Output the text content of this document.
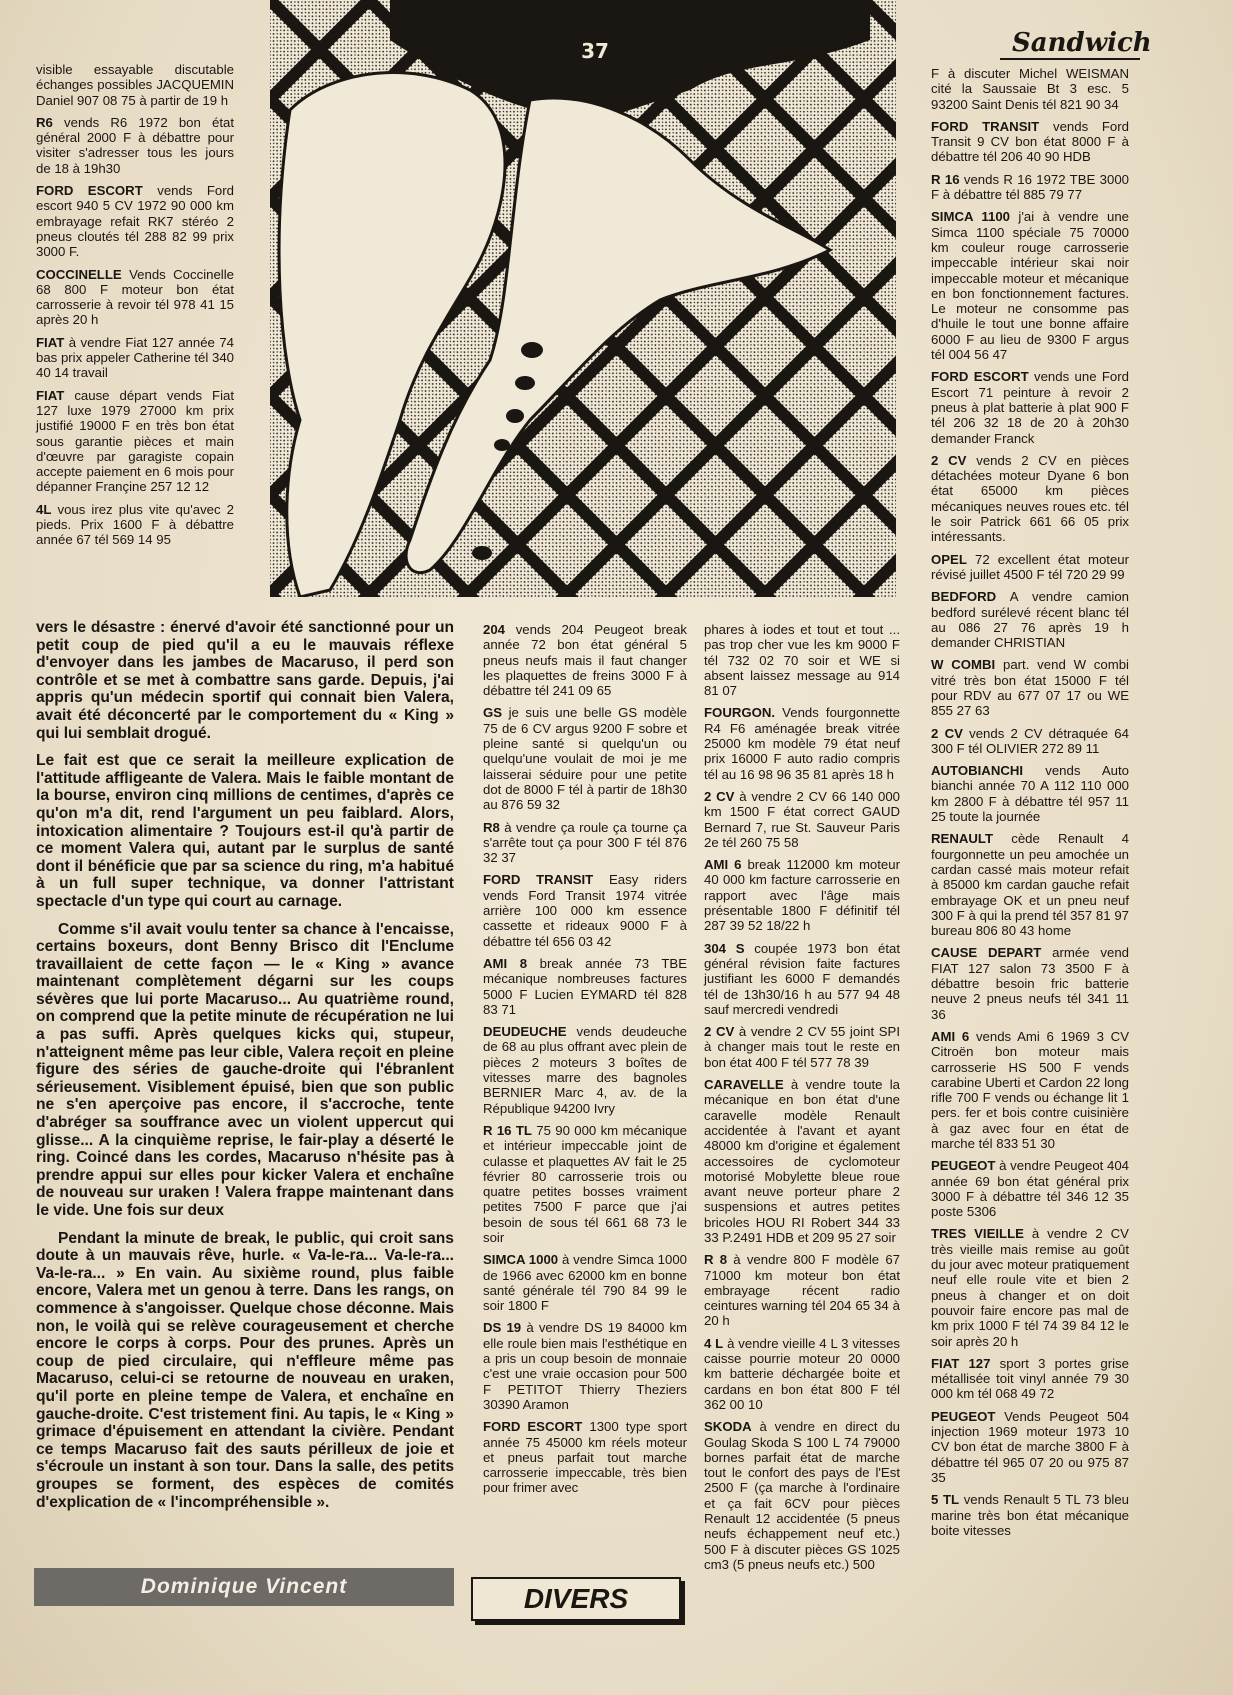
Sandwich

visible essayable discutable échanges possibles JACQUEMIN Daniel 907 08 75 à partir de 19 h

R6 vends R6 1972 bon état général 2000 F à débattre pour visiter s'adresser tous les jours de 18 à 19h30

FORD ESCORT vends Ford escort 940 5 CV 1972 90 000 km embrayage refait RK7 stéréo 2 pneus cloutés tél 288 82 99 prix 3000 F.

COCCINELLE Vends Coccinelle 68 800 F moteur bon état carrosserie à revoir tél 978 41 15 après 20 h

FIAT à vendre Fiat 127 année 74 bas prix appeler Catherine tél 340 40 14 travail

FIAT cause départ vends Fiat 127 luxe 1979 27000 km prix justifié 19000 F en très bon état sous garantie pièces et main d'œuvre par garagiste copain accepte paiement en 6 mois pour dépanner Françine 257 12 12

4L vous irez plus vite qu'avec 2 pieds. Prix 1600 F à débattre année 67 tél 569 14 95

37

vers le désastre : énervé d'avoir été sanctionné pour un petit coup de pied qu'il a eu le mauvais réflexe d'envoyer dans les jambes de Macaruso, il perd son contrôle et se met à combattre sans garde. Depuis, j'ai appris qu'un médecin sportif qui connait bien Valera, avait été déconcerté par le comportement du « King » qui lui semblait drogué.

Le fait est que ce serait la meilleure explication de l'attitude affligeante de Valera. Mais le faible montant de la bourse, environ cinq millions de centimes, d'après ce qu'on m'a dit, rend l'argument un peu faiblard. Alors, intoxication alimentaire ? Toujours est-il qu'à partir de ce moment Valera qui, autant par le surplus de santé dont il bénéficie que par sa science du ring, m'a habitué à un full super technique, va donner l'attristant spectacle d'un type qui court au carnage.

Comme s'il avait voulu tenter sa chance à l'encaisse, certains boxeurs, dont Benny Brisco dit l'Enclume travaillaient de cette façon — le « King » avance maintenant complètement dégarni sur les coups sévères que lui porte Macaruso... Au quatrième round, on comprend que la petite minute de récupération ne lui a pas suffi. Après quelques kicks qui, stupeur, n'atteignent même pas leur cible, Valera reçoit en pleine figure des séries de gauche-droite qui l'ébranlent sérieusement. Visiblement épuisé, bien que son public ne s'en aperçoive pas encore, il s'accroche, tente d'abréger sa souffrance avec un violent uppercut qui glisse... A la cinquième reprise, le fair-play a déserté le ring. Coincé dans les cordes, Macaruso n'hésite pas à prendre appui sur elles pour kicker Valera et enchaîne de nouveau sur uraken ! Valera frappe maintenant dans le vide. Une fois sur deux

Pendant la minute de break, le public, qui croit sans doute à un mauvais rêve, hurle. « Va-le-ra... Va-le-ra... Va-le-ra... » En vain. Au sixième round, plus faible encore, Valera met un genou à terre. Dans les rangs, on commence à s'angoisser. Quelque chose déconne. Mais non, le voilà qui se relève courageusement et cherche encore le corps à corps. Pour des prunes. Après un coup de pied circulaire, qui n'effleure même pas Macaruso, celui-ci se retourne de nouveau en uraken, qu'il porte en pleine tempe de Valera, et enchaîne en gauche-droite. C'est tristement fini. Au tapis, le « King » grimace d'épuisement en attendant la civière. Pendant ce temps Macaruso fait des sauts périlleux de joie et s'écroule un instant à son tour. Dans la salle, des petits groupes se forment, des espèces de comités d'explication de « l'incompréhensible ».

Dominique Vincent

204 vends 204 Peugeot break année 72 bon état général 5 pneus neufs mais il faut changer les plaquettes de freins 3000 F à débattre tél 241 09 65

GS je suis une belle GS modèle 75 de 6 CV argus 9200 F sobre et pleine santé si quelqu'un ou quelqu'une voulait de moi je me laisserai séduire pour une petite dot de 8000 F tél à partir de 18h30 au 876 59 32

R8 à vendre ça roule ça tourne ça s'arrête tout ça pour 300 F tél 876 32 37

FORD TRANSIT Easy riders vends Ford Transit 1974 vitrée arrière 100 000 km essence cassette et rideaux 9000 F à débattre tél 656 03 42

AMI 8 break année 73 TBE mécanique nombreuses factures 5000 F Lucien EYMARD tél 828 83 71

DEUDEUCHE vends deudeuche de 68 au plus offrant avec plein de pièces 2 moteurs 3 boîtes de vitesses marre des bagnoles BERNIER Marc 4, av. de la République 94200 Ivry

R 16 TL 75 90 000 km mécanique et intérieur impeccable joint de culasse et plaquettes AV fait le 25 février 80 carrosserie trois ou quatre petites bosses vraiment petites 7500 F parce que j'ai besoin de sous tél 661 68 73 le soir

SIMCA 1000 à vendre Simca 1000 de 1966 avec 62000 km en bonne santé générale tél 790 84 99 le soir 1800 F

DS 19 à vendre DS 19 84000 km elle roule bien mais l'esthétique en a pris un coup besoin de monnaie c'est une vraie occasion pour 500 F PETITOT Thierry Theziers 30390 Aramon

FORD ESCORT 1300 type sport année 75 45000 km réels moteur et pneus parfait tout marche carrosserie impeccable, très bien pour frimer avec

phares à iodes et tout et tout ... pas trop cher vue les km 9000 F tél 732 02 70 soir et WE si absent laissez message au 914 81 07

FOURGON. Vends fourgonnette R4 F6 aménagée break vitrée 25000 km modèle 79 état neuf prix 16000 F auto radio compris tél au 16 98 96 35 81 après 18 h

2 CV à vendre 2 CV 66 140 000 km 1500 F état correct GAUD Bernard 7, rue St. Sauveur Paris 2e tél 260 75 58

AMI 6 break 112000 km moteur 40 000 km facture carrosserie en rapport avec l'âge mais présentable 1800 F définitif tél 287 39 52 18/22 h

304 S coupée 1973 bon état général révision faite factures justifiant les 6000 F demandés tél de 13h30/16 h au 577 94 48 sauf mercredi vendredi

2 CV à vendre 2 CV 55 joint SPI à changer mais tout le reste en bon état 400 F tél 577 78 39

CARAVELLE à vendre toute la mécanique en bon état d'une caravelle modèle Renault accidentée à l'avant et ayant 48000 km d'origine et également accessoires de cyclomoteur motorisé Mobylette bleue roue avant neuve porteur phare 2 suspensions et autres petites bricoles HOU RI Robert 344 33 33 P.2491 HDB et 209 95 27 soir

R 8 à vendre 800 F modèle 67 71000 km moteur bon état embrayage récent radio ceintures warning tél 204 65 34 à 20 h

4 L à vendre vieille 4 L 3 vitesses caisse pourrie moteur 20 0000 km batterie déchargée boite et cardans en bon état 800 F tél 362 00 10

SKODA à vendre en direct du Goulag Skoda S 100 L 74 79000 bornes parfait état de marche tout le confort des pays de l'Est 2500 F (ça marche à l'ordinaire et ça fait 6CV pour pièces Renault 12 accidentée (5 pneus neufs échappement neuf etc.) 500 F à discuter pièces GS 1025 cm3 (5 pneus neufs etc.) 500

F à discuter Michel WEISMAN cité la Saussaie Bt 3 esc. 5 93200 Saint Denis tél 821 90 34

FORD TRANSIT vends Ford Transit 9 CV bon état 8000 F à débattre tél 206 40 90 HDB

R 16 vends R 16 1972 TBE 3000 F à débattre tél 885 79 77

SIMCA 1100 j'ai à vendre une Simca 1100 spéciale 75 70000 km couleur rouge carrosserie impeccable intérieur skai noir impeccable moteur et mécanique en bon fonctionnement factures. Le moteur ne consomme pas d'huile le tout une bonne affaire 6000 F au lieu de 9300 F argus tél 004 56 47

FORD ESCORT vends une Ford Escort 71 peinture à revoir 2 pneus à plat batterie à plat 900 F tél 206 32 18 de 20 à 20h30 demander Franck

2 CV vends 2 CV en pièces détachées moteur Dyane 6 bon état 65000 km pièces mécaniques neuves roues etc. tél le soir Patrick 661 66 05 prix intéressants.

OPEL 72 excellent état moteur révisé juillet 4500 F tél 720 29 99

BEDFORD A vendre camion bedford surélevé récent blanc tél au 086 27 76 après 19 h demander CHRISTIAN

W COMBI part. vend W combi vitré très bon état 15000 F tél pour RDV au 677 07 17 ou WE 855 27 63

2 CV vends 2 CV détraquée 64 300 F tél OLIVIER 272 89 11

AUTOBIANCHI vends Auto bianchi année 70 A 112 110 000 km 2800 F à débattre tél 957 11 25 toute la journée

RENAULT cède Renault 4 fourgonnette un peu amochée un cardan cassé mais moteur refait à 85000 km cardan gauche refait embrayage OK et un pneu neuf 300 F à qui la prend tél 357 81 97 bureau 806 80 43 home

CAUSE DEPART armée vend FIAT 127 salon 73 3500 F à débattre besoin fric batterie neuve 2 pneus neufs tél 341 11 36

AMI 6 vends Ami 6 1969 3 CV Citroën bon moteur mais carrosserie HS 500 F vends carabine Uberti et Cardon 22 long rifle 700 F vends ou échange lit 1 pers. fer et bois contre cuisinière à gaz avec four en état de marche tél 833 51 30

PEUGEOT à vendre Peugeot 404 année 69 bon état général prix 3000 F à débattre tél 346 12 35 poste 5306

TRES VIEILLE à vendre 2 CV très vieille mais remise au goût du jour avec moteur pratiquement neuf elle roule vite et bien 2 pneus à changer et on doit pouvoir faire encore pas mal de km prix 1000 F tél 74 39 84 12 le soir après 20 h

FIAT 127 sport 3 portes grise métallisée toit vinyl année 79 30 000 km tél 068 49 72

PEUGEOT Vends Peugeot 504 injection 1969 moteur 1973 10 CV bon état de marche 3800 F à débattre tél 965 07 20 ou 975 87 35

5 TL vends Renault 5 TL 73 bleu marine très bon état mécanique boite vitesses

DIVERS
